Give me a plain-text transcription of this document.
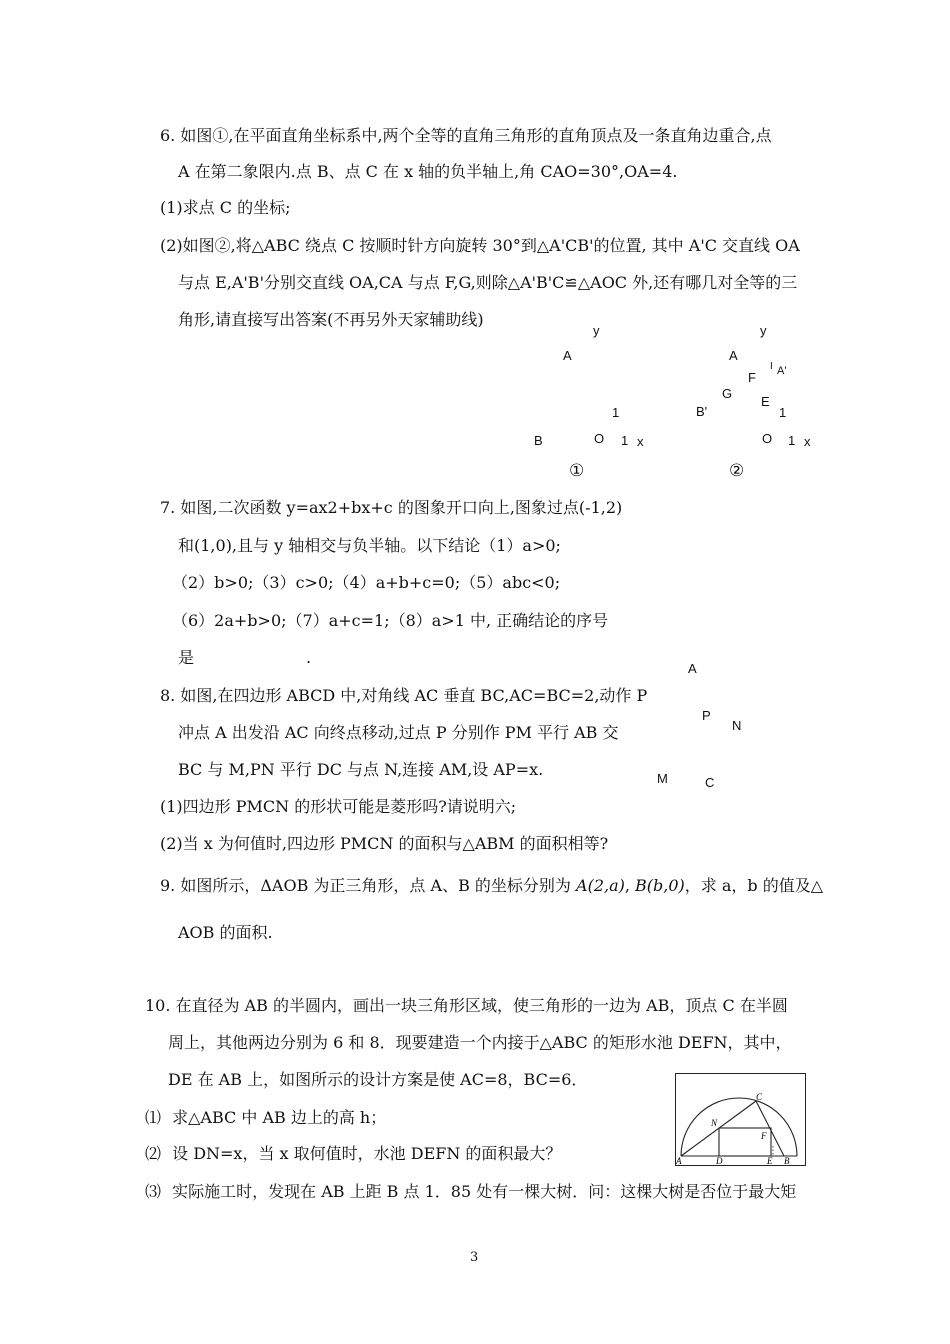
6. 如图①,在平面直角坐标系中,两个全等的直角三角形的直角顶点及一条直角边重合,点
A 在第二象限内.点 B、点 C 在 x 轴的负半轴上,角 CAO=30°,OA=4.
(1)求点 C 的坐标;
(2)如图②,将△ABC 绕点 C 按顺时针方向旋转 30°到△A'CB'的位置, 其中 A'C 交直线 OA
与点 E,A'B'分别交直线 OA,CA 与点 F,G,则除△A'B'C≌△AOC 外,还有哪几对全等的三
角形,请直接写出答案(不再另外天家辅助线)
y
A
1
B	O 1 x
①
y
A
I A'
F
G
E
B'	1
O 1 x
②
7. 如图,二次函数 y=ax2+bx+c 的图象开口向上,图象过点(-1,2)
和(1,0),且与 y 轴相交与负半轴。以下结论（1）a>0;
（2）b>0;（3）c>0;（4）a+b+c=0;（5）abc<0;
（6）2a+b>0;（7）a+c=1;（8）a>1 中, 正确结论的序号
是	.
8. 如图,在四边形 ABCD 中,对角线 AC 垂直 BC,AC=BC=2,动作 P
冲点 A 出发沿 AC 向终点移动,过点 P 分别作 PM 平行 AB 交
BC 与 M,PN 平行 DC 与点 N,连接 AM,设 AP=x.
(1)四边形 PMCN 的形状可能是菱形吗?请说明六;
(2)当 x 为何值时,四边形 PMCN 的面积与△ABM 的面积相等?
A
P
N
M	C
9. 如图所示，ΔAOB 为正三角形，点 A、B 的坐标分别为 A(2,a), B(b,0)，求 a，b 的值及△
AOB 的面积.
10. 在直径为 AB 的半圆内，画出一块三角形区域，使三角形的一边为 AB，顶点 C 在半圆
周上，其他两边分别为 6 和 8．现要建造一个内接于△ABC 的矩形水池 DEFN，其中，
DE 在 AB 上，如图所示的设计方案是使 AC=8，BC=6．
⑴ 求△ABC 中 AB 边上的高 h；
⑵ 设 DN=x，当 x 取何值时，水池 DEFN 的面积最大？
⑶ 实际施工时，发现在 AB 上距 B 点 1．85 处有一棵大树．问：这棵大树是否位于最大矩
A	D	E B
N
F
C
3
